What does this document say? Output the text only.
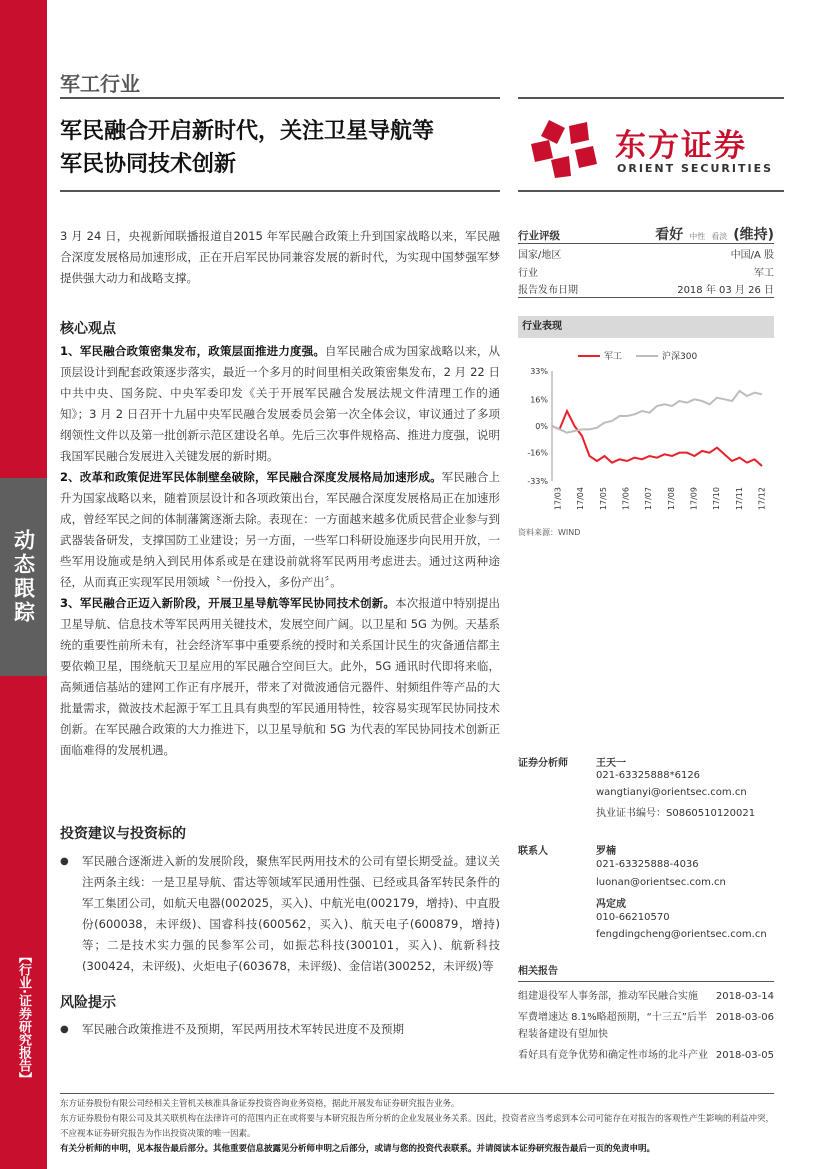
动态跟踪
【行业·证券研究报告】
军工行业
军民融合开启新时代，关注卫星导航等
军民协同技术创新
东方证券
ORIENT SECURITIES
3 月 24 日，央视新闻联播报道自2015 年军民融合政策上升到国家战略以来，军民融合深度发展格局加速形成，正在开启军民协同兼容发展的新时代，为实现中国梦强军梦提供强大动力和战略支撑。
核心观点

1、军民融合政策密集发布，政策层面推进力度强。自军民融合成为国家战略以来，从顶层设计到配套政策逐步落实，最近一个多月的时间里相关政策密集发布，2 月 22 日中共中央、国务院、中央军委印发《关于开展军民融合发展法规文件清理工作的通知》；3 月 2 日召开十九届中央军民融合发展委员会第一次全体会议，审议通过了多项纲领性文件以及第一批创新示范区建设名单。先后三次事件规格高、推进力度强，说明我国军民融合发展进入关键发展的新时期。

2、改革和政策促进军民体制壁垒破除，军民融合深度发展格局加速形成。军民融合上升为国家战略以来，随着顶层设计和各项政策出台，军民融合深度发展格局正在加速形成，曾经军民之间的体制藩篱逐渐去除。表现在：一方面越来越多优质民营企业参与到武器装备研发，支撑国防工业建设；另一方面，一些军口科研设施逐步向民用开放，一些军用设施或是纳入到民用体系或是在建设前就将军民两用考虑进去。通过这两种途径，从而真正实现军民用领域〝一份投入，多份产出〞。

3、军民融合正迈入新阶段，开展卫星导航等军民协同技术创新。本次报道中特别提出卫星导航、信息技术等军民两用关键技术，发展空间广阔。以卫星和 5G 为例。天基系统的重要性前所未有，社会经济军事中重要系统的授时和关系国计民生的灾备通信都主要依赖卫星，围绕航天卫星应用的军民融合空间巨大。此外，5G 通讯时代即将来临，高频通信基站的建网工作正有序展开，带来了对微波通信元器件、射频组件等产品的大批量需求，微波技术起源于军工且具有典型的军民通用特性，较容易实现军民协同技术创新。在军民融合政策的大力推进下，以卫星导航和 5G 为代表的军民协同技术创新正面临难得的发展机遇。

投资建议与投资标的
●	军民融合逐渐进入新的发展阶段，聚焦军民两用技术的公司有望长期受益。建议关注两条主线：一是卫星导航、雷达等领域军民通用性强、已经或具备军转民条件的军工集团公司，如航天电器(002025，买入)、中航光电(002179，增持)、中直股份(600038，未评级)、国睿科技(600562，买入)、航天电子(600879，增持)等；二是技术实力强的民参军公司，如振芯科技(300101，买入)、航新科技(300424，未评级)、火炬电子(603678，未评级)、金信诺(300252，未评级)等
风险提示
●	军民融合政策推进不及预期，军民两用技术军转民进度不及预期
行业评级	看好 中性 看淡 (维持)
国家/地区	中国/A 股
行业	军工
报告发布日期	2018 年 03 月 26 日
行业表现
33%
16%
0%
-16%
-33%
17/03 17/04 17/05 17/06 17/07 17/08 17/09 17/10 17/11 17/12
军工	沪深300
资料来源：WIND
证券分析师	王天一
021-63325888*6126
wangtianyi@orientsec.com.cn
执业证书编号：S0860510120021
联系人	罗楠
021-63325888-4036
luonan@orientsec.com.cn
冯定成
010-66210570
fengdingcheng@orientsec.com.cn
相关报告
组建退役军人事务部，推动军民融合实施	2018-03-14
军费增速达 8.1%略超预期，“十三五”后半程装备建设有望加快
2018-03-06
看好具有竞争优势和确定性市场的北斗产业 2018-03-05
东方证券股份有限公司经相关主管机关核准具备证券投资咨询业务资格，据此开展发布证券研究报告业务。
东方证券股份有限公司及其关联机构在法律许可的范围内正在或将要与本研究报告所分析的企业发展业务关系。因此，投资者应当考虑到本公司可能存在对报告的客观性产生影响的利益冲突，不应视本证券研究报告为作出投资决策的唯一因素。
有关分析师的申明，见本报告最后部分。其他重要信息披露见分析师申明之后部分，或请与您的投资代表联系。并请阅读本证券研究报告最后一页的免责申明。
